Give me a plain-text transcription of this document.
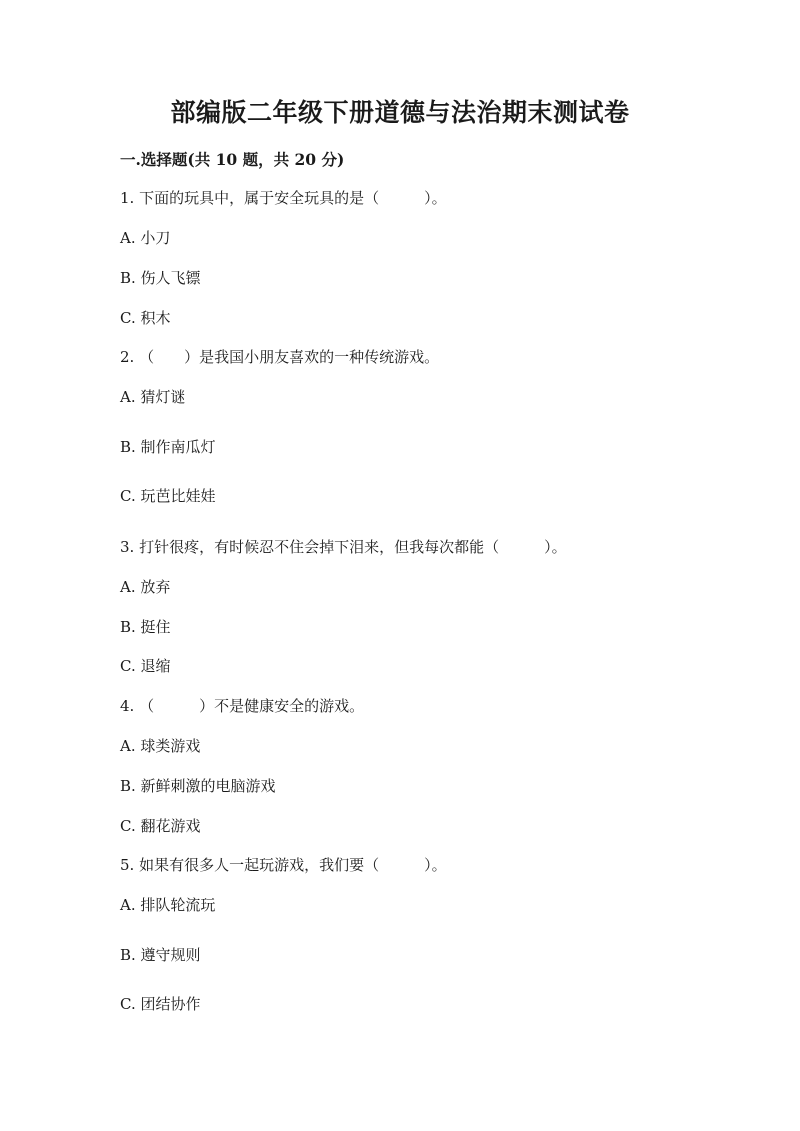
部编版二年级下册道德与法治期末测试卷
一.选择题(共 10 题，共 20 分)
1. 下面的玩具中，属于安全玩具的是（　　　）。
A. 小刀
B. 伤人飞镖
C. 积木
2. （　　）是我国小朋友喜欢的一种传统游戏。
A. 猜灯谜
B. 制作南瓜灯
C. 玩芭比娃娃
3. 打针很疼，有时候忍不住会掉下泪来，但我每次都能（　　　）。
A. 放弃
B. 挺住
C. 退缩
4. （　　　）不是健康安全的游戏。
A. 球类游戏
B. 新鲜刺激的电脑游戏
C. 翻花游戏
5. 如果有很多人一起玩游戏，我们要（　　　）。
A. 排队轮流玩
B. 遵守规则
C. 团结协作
